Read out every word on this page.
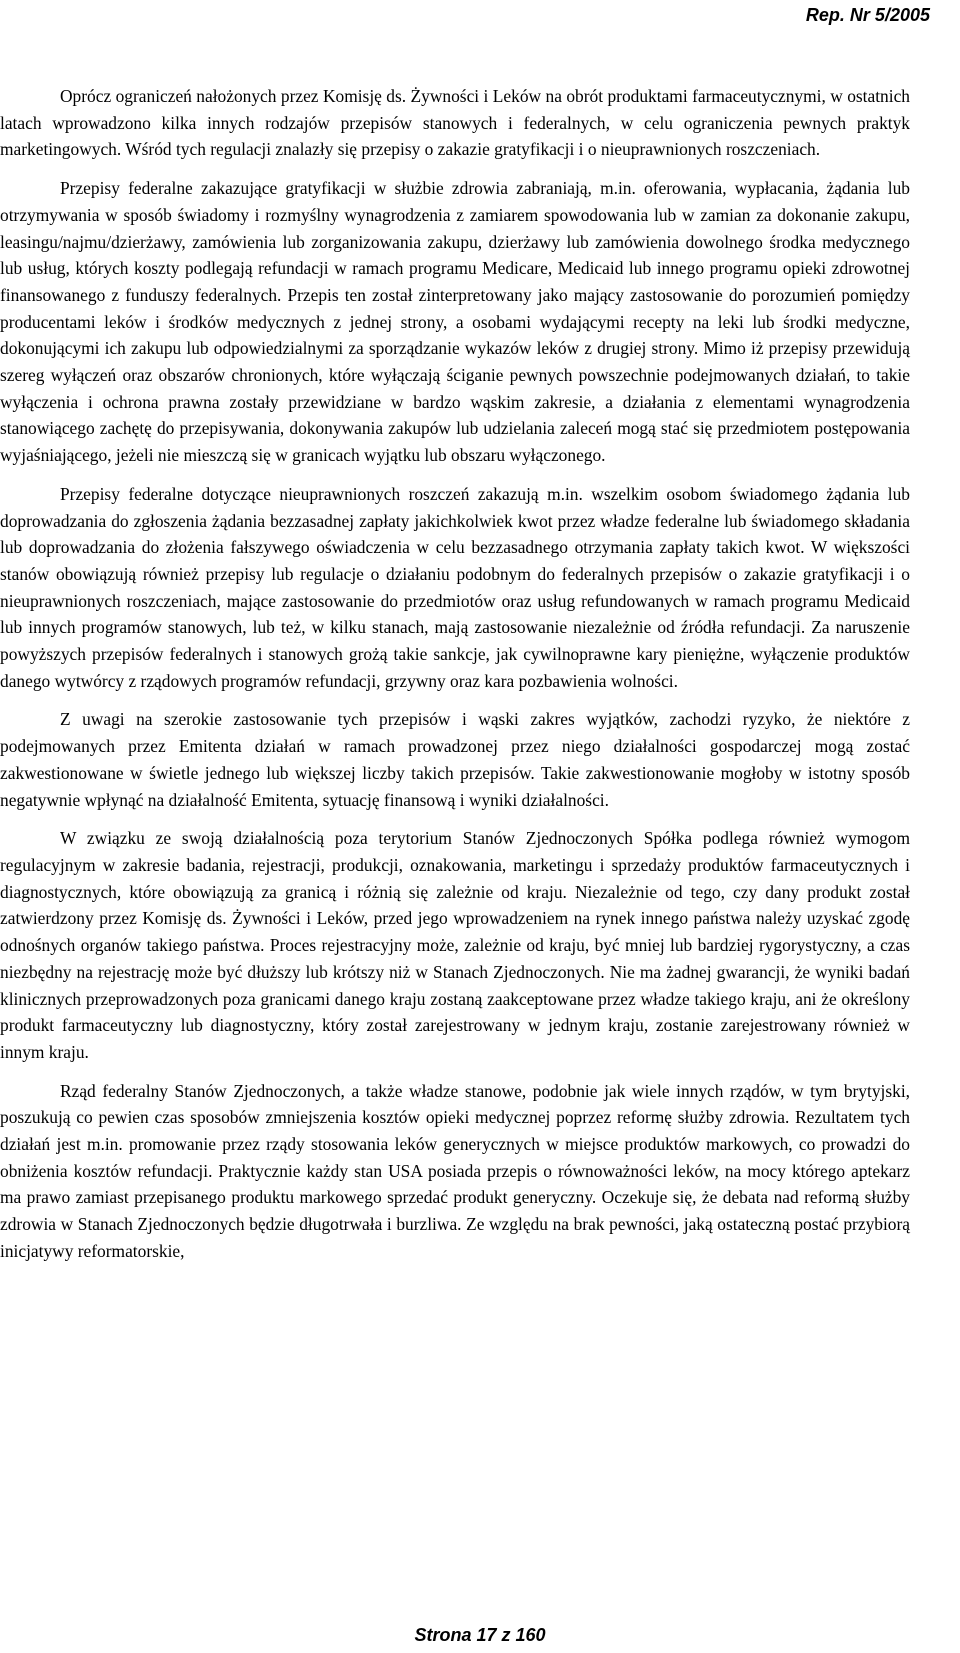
Rep. Nr 5/2005

Oprócz ograniczeń nałożonych przez Komisję ds. Żywności i Leków na obrót produktami farmaceutycznymi, w ostatnich latach wprowadzono kilka innych rodzajów przepisów stanowych i federalnych, w celu ograniczenia pewnych praktyk marketingowych. Wśród tych regulacji znalazły się przepisy o zakazie gratyfikacji i o nieuprawnionych roszczeniach.

Przepisy federalne zakazujące gratyfikacji w służbie zdrowia zabraniają, m.in. oferowania, wypłacania, żądania lub otrzymywania w sposób świadomy i rozmyślny wynagrodzenia z zamiarem spowodowania lub w zamian za dokonanie zakupu, leasingu/najmu/dzierżawy, zamówienia lub zorganizowania zakupu, dzierżawy lub zamówienia dowolnego środka medycznego lub usług, których koszty podlegają refundacji w ramach programu Medicare, Medicaid lub innego programu opieki zdrowotnej finansowanego z funduszy federalnych. Przepis ten został zinterpretowany jako mający zastosowanie do porozumień pomiędzy producentami leków i środków medycznych z jednej strony, a osobami wydającymi recepty na leki lub środki medyczne, dokonującymi ich zakupu lub odpowiedzialnymi za sporządzanie wykazów leków z drugiej strony. Mimo iż przepisy przewidują szereg wyłączeń oraz obszarów chronionych, które wyłączają ściganie pewnych powszechnie podejmowanych działań, to takie wyłączenia i ochrona prawna zostały przewidziane w bardzo wąskim zakresie, a działania z elementami wynagrodzenia stanowiącego zachętę do przepisywania, dokonywania zakupów lub udzielania zaleceń mogą stać się przedmiotem postępowania wyjaśniającego, jeżeli nie mieszczą się w granicach wyjątku lub obszaru wyłączonego.

Przepisy federalne dotyczące nieuprawnionych roszczeń zakazują m.in. wszelkim osobom świadomego żądania lub doprowadzania do zgłoszenia żądania bezzasadnej zapłaty jakichkolwiek kwot przez władze federalne lub świadomego składania lub doprowadzania do złożenia fałszywego oświadczenia w celu bezzasadnego otrzymania zapłaty takich kwot. W większości stanów obowiązują również przepisy lub regulacje o działaniu podobnym do federalnych przepisów o zakazie gratyfikacji i o nieuprawnionych roszczeniach, mające zastosowanie do przedmiotów oraz usług refundowanych w ramach programu Medicaid lub innych programów stanowych, lub też, w kilku stanach, mają zastosowanie niezależnie od źródła refundacji. Za naruszenie powyższych przepisów federalnych i stanowych grożą takie sankcje, jak cywilnoprawne kary pieniężne, wyłączenie produktów danego wytwórcy z rządowych programów refundacji, grzywny oraz kara pozbawienia wolności.

Z uwagi na szerokie zastosowanie tych przepisów i wąski zakres wyjątków, zachodzi ryzyko, że niektóre z podejmowanych przez Emitenta działań w ramach prowadzonej przez niego działalności gospodarczej mogą zostać zakwestionowane w świetle jednego lub większej liczby takich przepisów. Takie zakwestionowanie mogłoby w istotny sposób negatywnie wpłynąć na działalność Emitenta, sytuację finansową i wyniki działalności.

W związku ze swoją działalnością poza terytorium Stanów Zjednoczonych Spółka podlega również wymogom regulacyjnym w zakresie badania, rejestracji, produkcji, oznakowania, marketingu i sprzedaży produktów farmaceutycznych i diagnostycznych, które obowiązują za granicą i różnią się zależnie od kraju. Niezależnie od tego, czy dany produkt został zatwierdzony przez Komisję ds. Żywności i Leków, przed jego wprowadzeniem na rynek innego państwa należy uzyskać zgodę odnośnych organów takiego państwa. Proces rejestracyjny może, zależnie od kraju, być mniej lub bardziej rygorystyczny, a czas niezbędny na rejestrację może być dłuższy lub krótszy niż w Stanach Zjednoczonych. Nie ma żadnej gwarancji, że wyniki badań klinicznych przeprowadzonych poza granicami danego kraju zostaną zaakceptowane przez władze takiego kraju, ani że określony produkt farmaceutyczny lub diagnostyczny, który został zarejestrowany w jednym kraju, zostanie zarejestrowany również w innym kraju.

Rząd federalny Stanów Zjednoczonych, a także władze stanowe, podobnie jak wiele innych rządów, w tym brytyjski, poszukują co pewien czas sposobów zmniejszenia kosztów opieki medycznej poprzez reformę służby zdrowia. Rezultatem tych działań jest m.in. promowanie przez rządy stosowania leków generycznych w miejsce produktów markowych, co prowadzi do obniżenia kosztów refundacji. Praktycznie każdy stan USA posiada przepis o równoważności leków, na mocy którego aptekarz ma prawo zamiast przepisanego produktu markowego sprzedać produkt generyczny. Oczekuje się, że debata nad reformą służby zdrowia w Stanach Zjednoczonych będzie długotrwała i burzliwa. Ze względu na brak pewności, jaką ostateczną postać przybiorą inicjatywy reformatorskie,

Strona 17 z 160
